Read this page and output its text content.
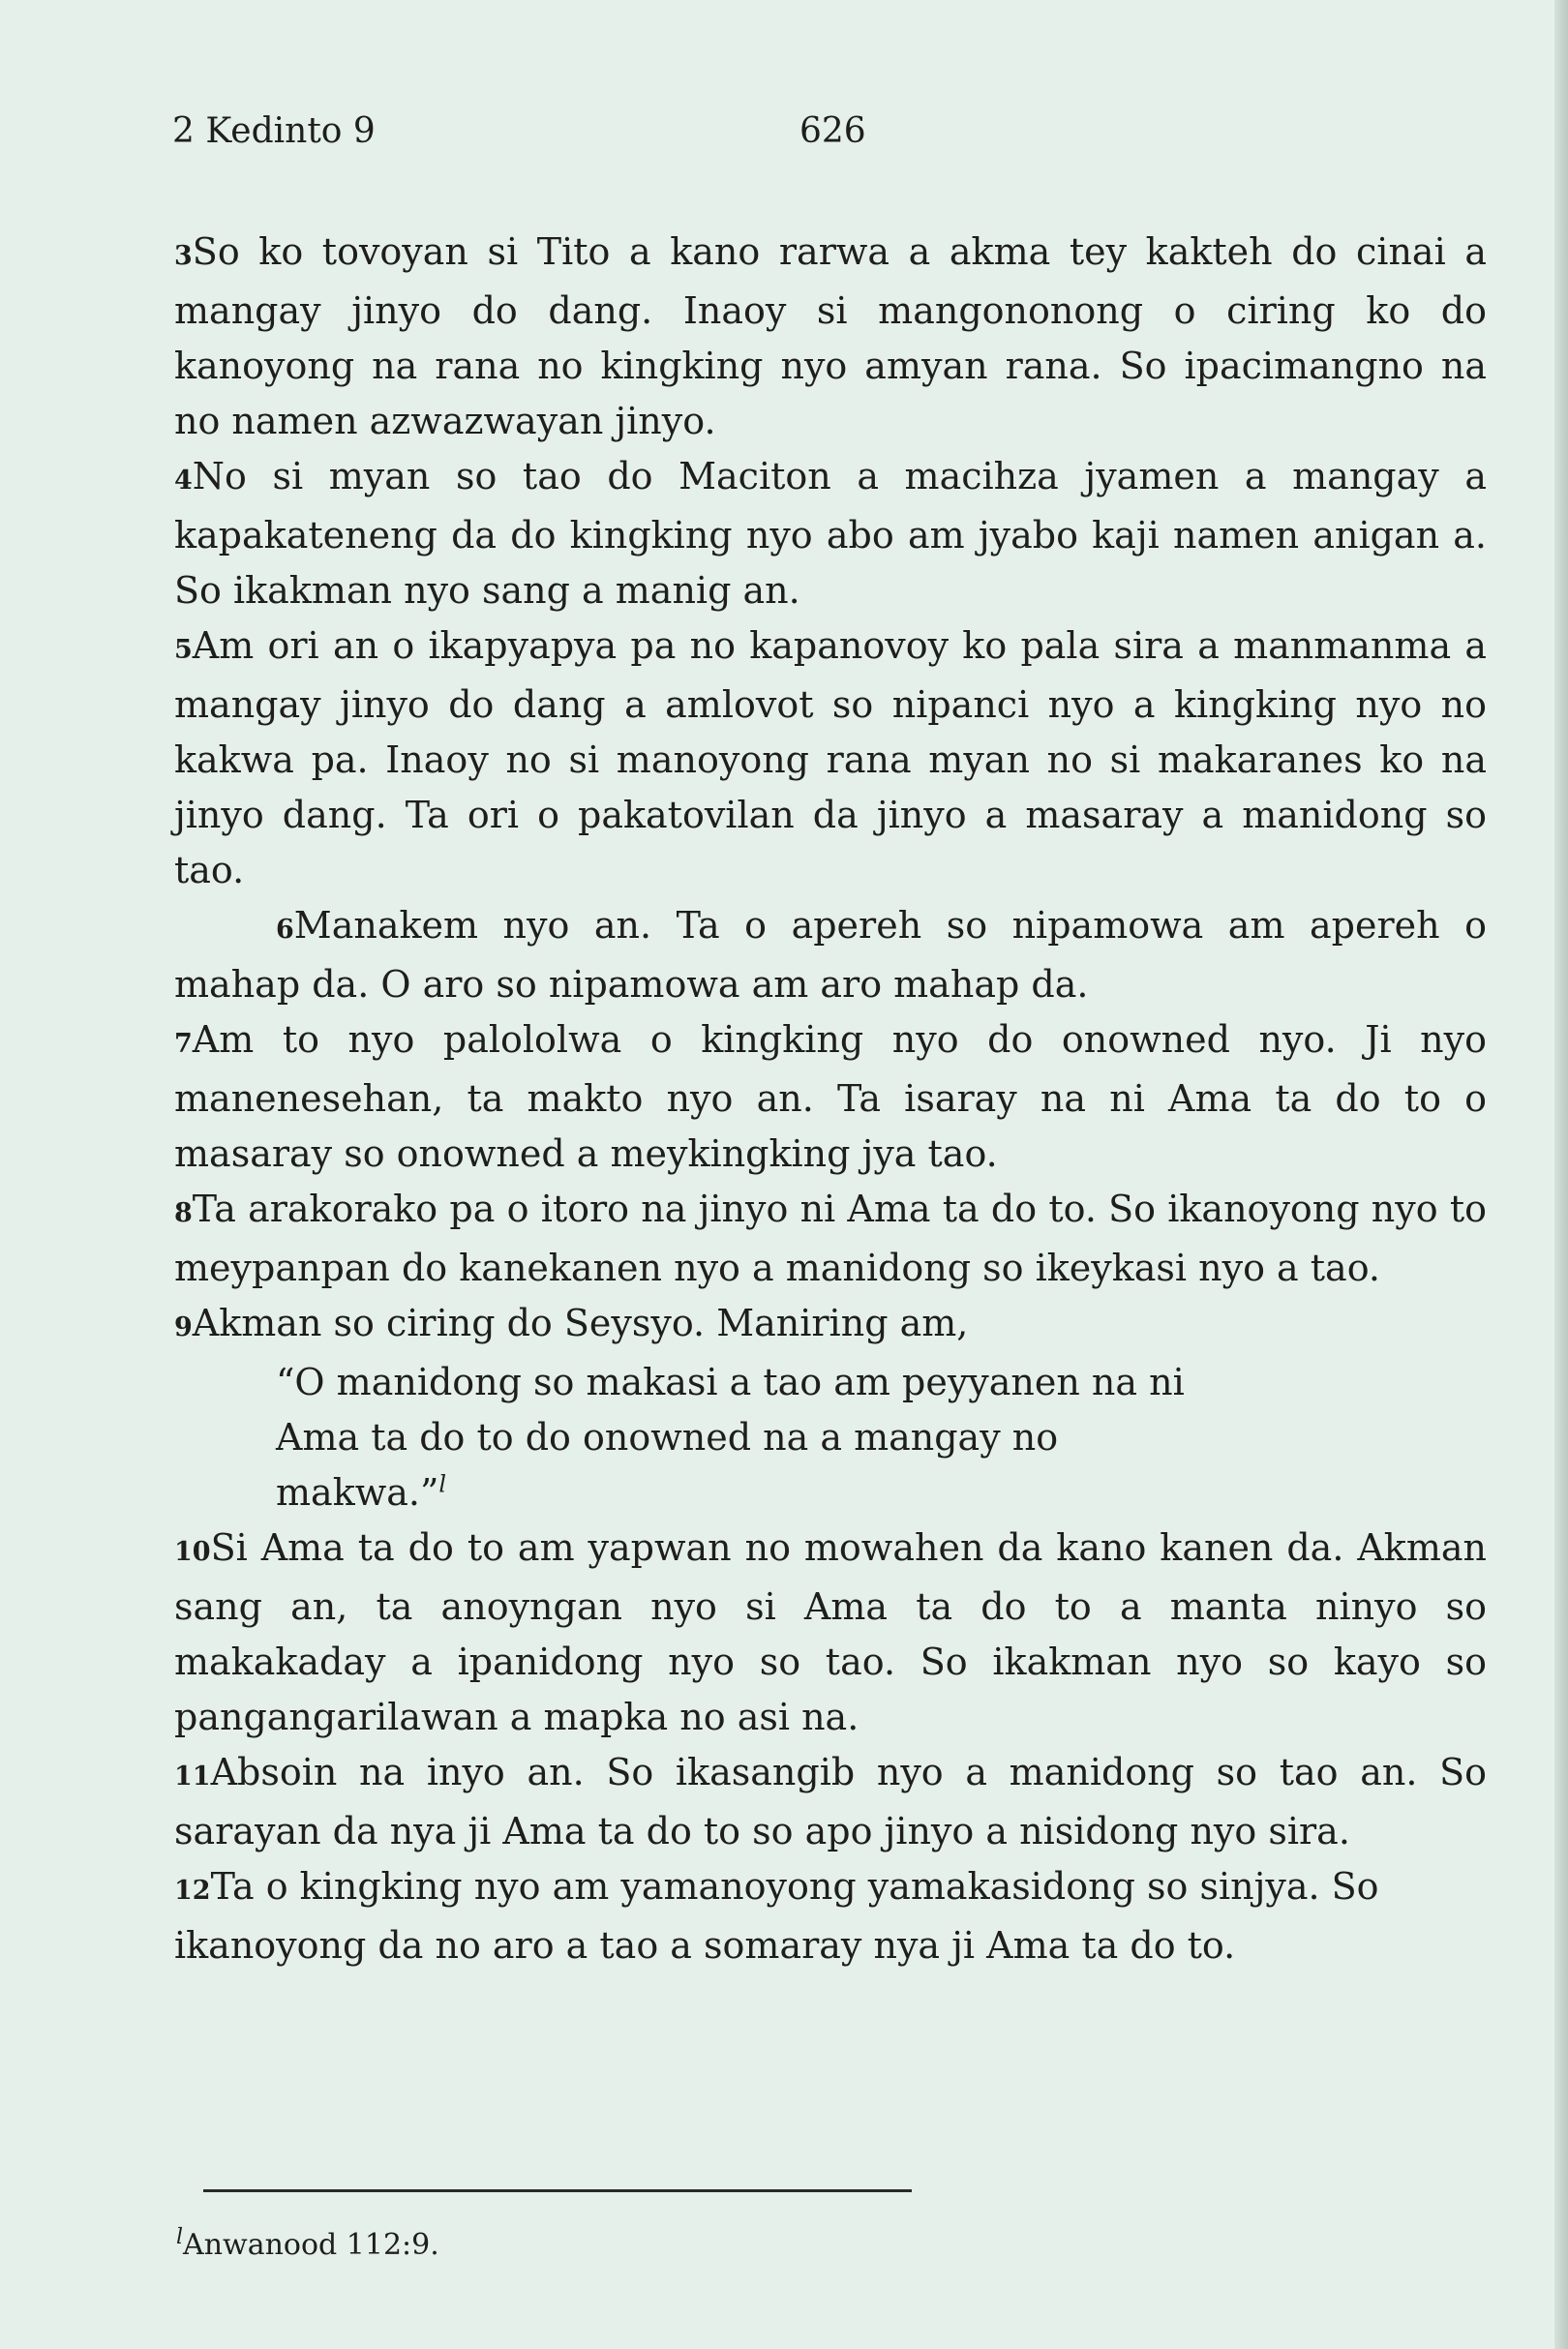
2 Kedinto 9	626

3So ko tovoyan si Tito a kano rarwa a akma tey kakteh do cinai a mangay jinyo do dang. Inaoy si mangononong o ciring ko do kanoyong na rana no kingking nyo amyan rana. So ipacimangno na no namen azwazwayan jinyo.

4No si myan so tao do Maciton a macihza jyamen a mangay a kapakateneng da do kingking nyo abo am jyabo kaji namen anigan a. So ikakman nyo sang a manig an.

5Am ori an o ikapyapya pa no kapanovoy ko pala sira a manmanma a mangay jinyo do dang a amlovot so nipanci nyo a kingking nyo no kakwa pa. Inaoy no si manoyong rana myan no si makaranes ko na jinyo dang. Ta ori o pakatovilan da jinyo a masaray a manidong so tao.

6Manakem nyo an. Ta o apereh so nipamowa am apereh o mahap da. O aro so nipamowa am aro mahap da.

7Am to nyo palololwa o kingking nyo do onowned nyo. Ji nyo manenesehan, ta makto nyo an. Ta isaray na ni Ama ta do to o masaray so onowned a meykingking jya tao.

8Ta arakorako pa o itoro na jinyo ni Ama ta do to. So ikanoyong nyo to meypanpan do kanekanen nyo a manidong so ikeykasi nyo a tao.

9Akman so ciring do Seysyo. Maniring am,

“O manidong so makasi a tao am peyyanen na ni
Ama ta do to do onowned na a mangay no
makwa.”$^l$

10Si Ama ta do to am yapwan no mowahen da kano kanen da. Akman sang an, ta anoyngan nyo si Ama ta do to a manta ninyo so makakaday a ipanidong nyo so tao. So ikakman nyo so kayo so pangangarilawan a mapka no asi na.

11Absoin na inyo an. So ikasangib nyo a manidong so tao an. So sarayan da nya ji Ama ta do to so apo jinyo a nisidong nyo sira.

12Ta o kingking nyo am yamanoyong yamakasidong so sinjya. So ikanoyong da no aro a tao a somaray nya ji Ama ta do to.

$^l$Anwanood 112:9.
